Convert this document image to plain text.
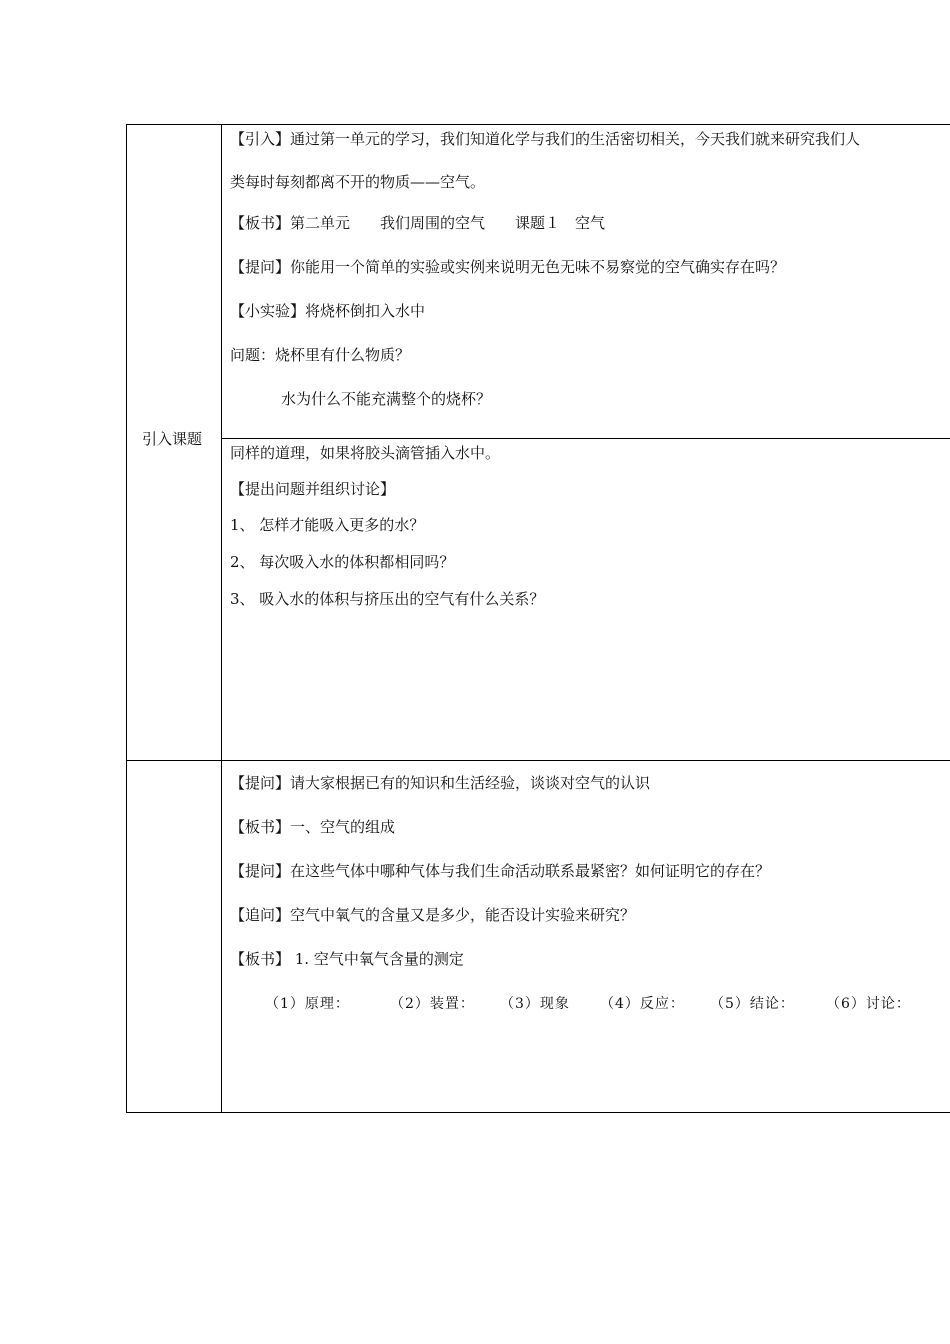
引入课题
【引入】通过第一单元的学习，我们知道化学与我们的生活密切相关，今天我们就来研究我们人
类每时每刻都离不开的物质——空气。
【板书】第二单元　　我们周围的空气　　课题１　空气
【提问】你能用一个简单的实验或实例来说明无色无味不易察觉的空气确实存在吗？
【小实验】将烧杯倒扣入水中
问题：烧杯里有什么物质？
水为什么不能充满整个的烧杯？
同样的道理，如果将胶头滴管插入水中。
【提出问题并组织讨论】
1、 怎样才能吸入更多的水？
2、 每次吸入水的体积都相同吗？
3、 吸入水的体积与挤压出的空气有什么关系？
【提问】请大家根据已有的知识和生活经验，谈谈对空气的认识
【板书】一、空气的组成
【提问】在这些气体中哪种气体与我们生命活动联系最紧密？如何证明它的存在？
【追问】空气中氧气的含量又是多少，能否设计实验来研究？
【板书】 1. 空气中氧气含量的测定
（1）原理：	（2）装置： （3）现象 （4）反应： （5）结论： （6）讨论：
